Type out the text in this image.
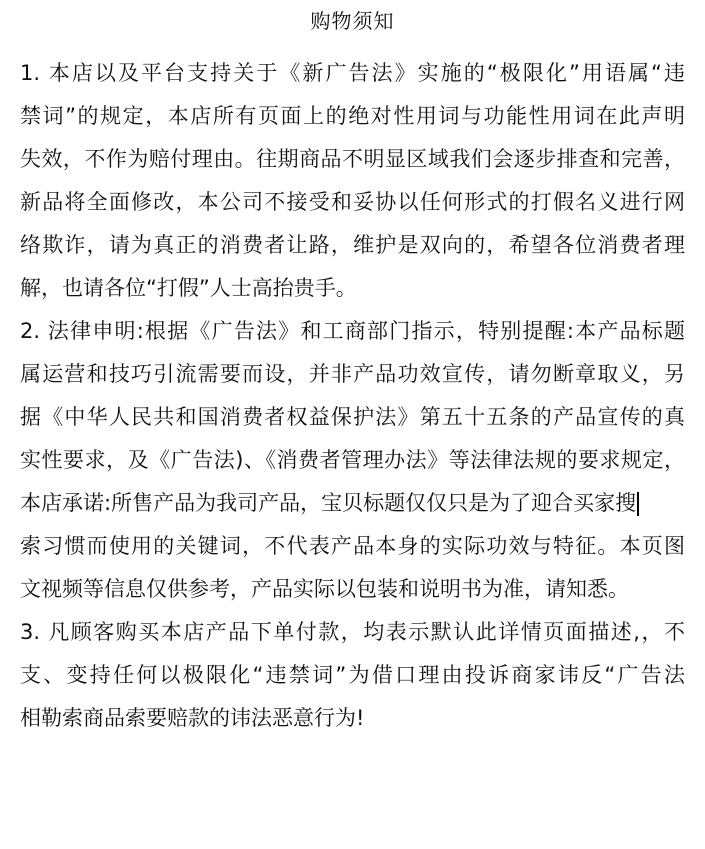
购物须知
1. 本店以及平台支持关于《新广告法》实施的“极限化”用语属“违
禁词”的规定，本店所有页面上的绝对性用词与功能性用词在此声明
失效，不作为赔付理由。往期商品不明显区域我们会逐步排查和完善，
新品将全面修改，本公司不接受和妥协以任何形式的打假名义进行网
络欺诈，请为真正的消费者让路，维护是双向的，希望各位消费者理
解，也请各位“打假”人士高抬贵手。
2. 法律申明:根据《广告法》和工商部门指示，特别提醒:本产品标题
属运营和技巧引流需要而设，并非产品功效宣传，请勿断章取义，另
据《中华人民共和国消费者权益保护法》第五十五条的产品宣传的真
实性要求，及《广告法)、《消费者管理办法》等法律法规的要求规定，
本店承诺:所售产品为我司产品，宝贝标题仅仅只是为了迎合买家搜
索习惯而使用的关键词，不代表产品本身的实际功效与特征。本页图
文视频等信息仅供参考，产品实际以包装和说明书为准，请知悉。
3. 凡顾客购买本店产品下单付款，均表示默认此详情页面描述,，不
支、变持任何以极限化“违禁词”为借口理由投诉商家讳反“广告法
相勒索商品索要赔款的讳法恶意行为!
